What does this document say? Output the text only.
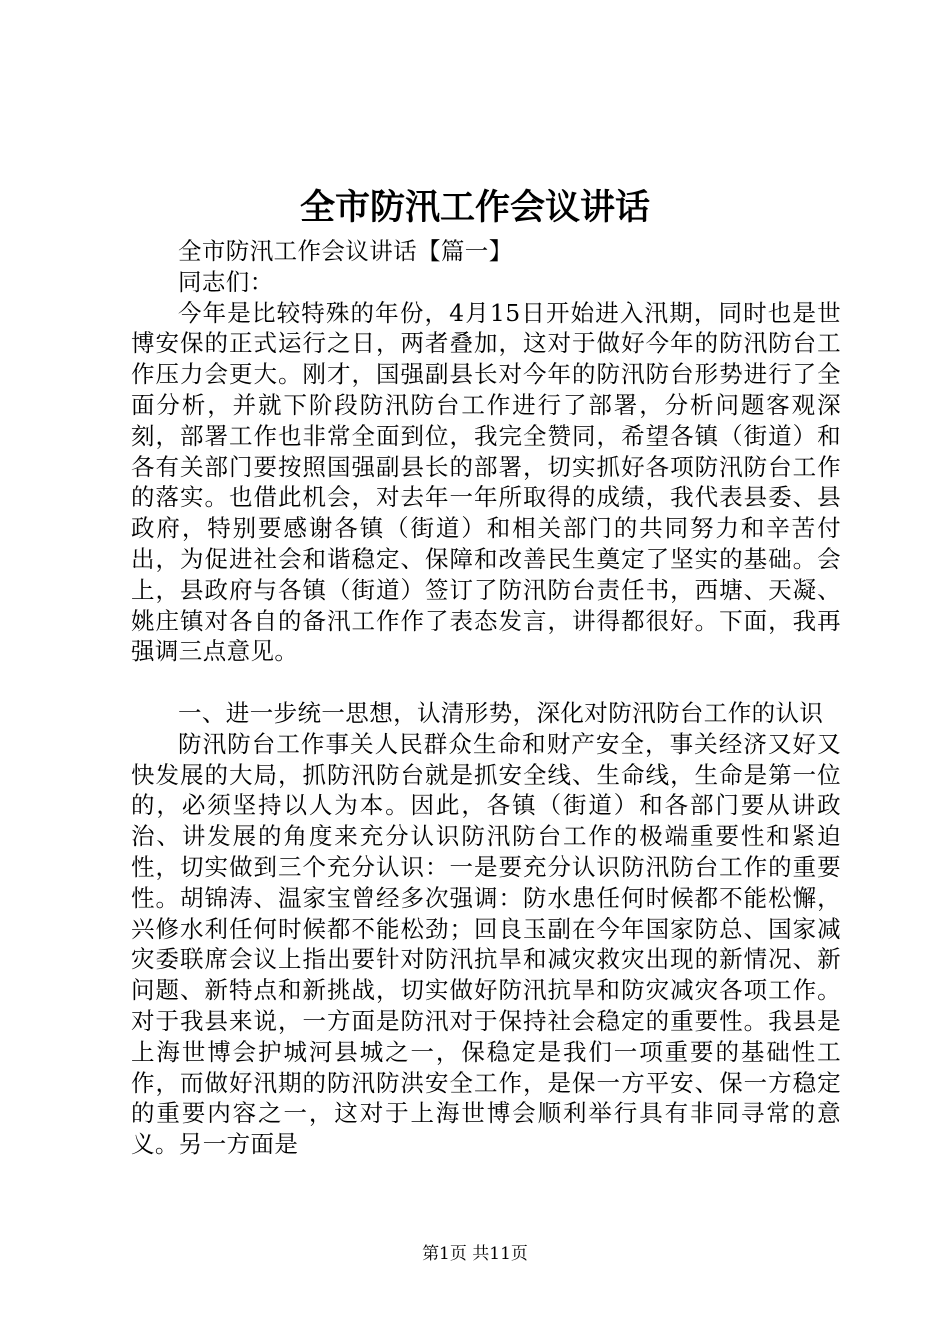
全市防汛工作会议讲话

全市防汛工作会议讲话【篇一】

同志们：

今年是比较特殊的年份，4月15日开始进入汛期，同时也是世博安保的正式运行之日，两者叠加，这对于做好今年的防汛防台工作压力会更大。刚才，国强副县长对今年的防汛防台形势进行了全面分析，并就下阶段防汛防台工作进行了部署，分析问题客观深刻，部署工作也非常全面到位，我完全赞同，希望各镇（街道）和各有关部门要按照国强副县长的部署，切实抓好各项防汛防台工作的落实。也借此机会，对去年一年所取得的成绩，我代表县委、县政府，特别要感谢各镇（街道）和相关部门的共同努力和辛苦付出，为促进社会和谐稳定、保障和改善民生奠定了坚实的基础。会上，县政府与各镇（街道）签订了防汛防台责任书，西塘、天凝、姚庄镇对各自的备汛工作作了表态发言，讲得都很好。下面，我再强调三点意见。

一、进一步统一思想，认清形势，深化对防汛防台工作的认识

防汛防台工作事关人民群众生命和财产安全，事关经济又好又快发展的大局，抓防汛防台就是抓安全线、生命线，生命是第一位的，必须坚持以人为本。因此，各镇（街道）和各部门要从讲政治、讲发展的角度来充分认识防汛防台工作的极端重要性和紧迫性，切实做到三个充分认识：一是要充分认识防汛防台工作的重要性。胡锦涛、温家宝曾经多次强调：防水患任何时候都不能松懈，兴修水利任何时候都不能松劲；回良玉副在今年国家防总、国家减灾委联席会议上指出要针对防汛抗旱和减灾救灾出现的新情况、新问题、新特点和新挑战，切实做好防汛抗旱和防灾减灾各项工作。对于我县来说，一方面是防汛对于保持社会稳定的重要性。我县是上海世博会护城河县城之一，保稳定是我们一项重要的基础性工作，而做好汛期的防汛防洪安全工作，是保一方平安、保一方稳定的重要内容之一，这对于上海世博会顺利举行具有非同寻常的意义。另一方面是

第1页 共11页
